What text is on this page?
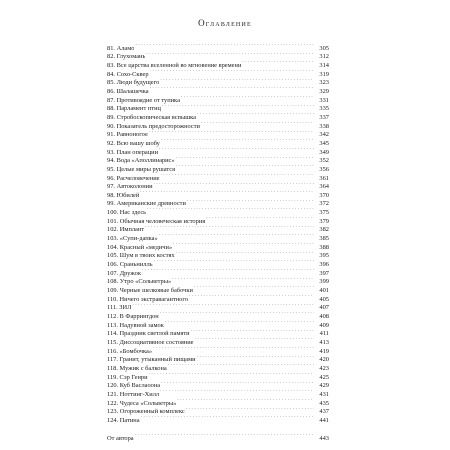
Оглавление
81. Аламо . . .	305
82. Глухомань . . .	312
83. Все царства вселенной во мгновение времени . . .	314
84. Сохо-Сквер . . .	319
85. Люди будущего . . .	323
86. Шалашечка . . .	329
87. Противоядие от тупика . . .	331
88. Парламент птиц . . .	335
89. Стробоскопическая вспышка . . .	337
90. Показатель предосторожности . . .	338
91. Равноногое . . .	342
92. Всю вашу шобу . . .	345
93. План операции . . .	349
94. Вода «Аполлинарис» . . .	352
95. Целые миры рушатся . . .	356
96. Расчеловечение . . .	361
97. Автоколонии . . .	364
98. Юбилей . . .	370
99. Американские древности . . .	372
100. Нас здесь . . .	375
101. Обычная человеческая история . . .	379
102. Имплант . . .	382
103. «Супи-дапка» . . .	385
104. Красный «медичи» . . .	388
105. Шум в твоих костях . . .	395
106. Сраньнилль . . .	396
107. Дружок . . .	397
108. Утро «Сольветры» . . .	399
109. Черные шелковые бабочки . . .	401
110. Ничего экстравагантного . . .	405
111. ЗИЛ . . .	407
112. В Фаррингдон . . .	408
113. Надувной замок . . .	409
114. Праздник светлой памяти . . .	411
115. Диссоциативное состояние . . .	413
116. «Бомбочка» . . .	419
117. Гранит, утыканный пищами . . .	420
118. Мужик с балкона . . .	423
119. Сэр Генри . . .	425
120. Куб Васлаоона . . .	429
121. Ноттинг-Хилл . . .	431
122. Чудеса «Сольветры» . . .	435
123. Огороженный комплекс . . .	437
124. Патина . . .	441
От автора . . .	443
